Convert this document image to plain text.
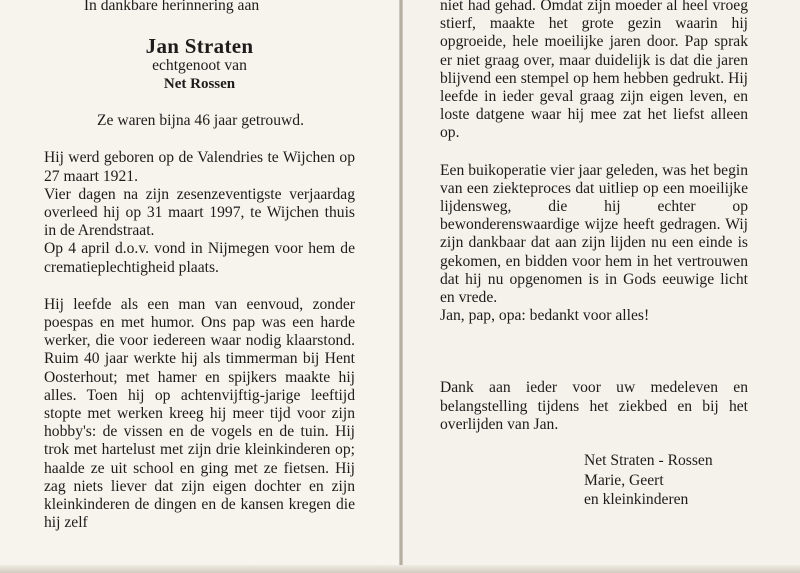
In dankbare herinnering aan
Jan Straten
echtgenoot van
Net Rossen
Ze waren bijna 46 jaar getrouwd.

Hij werd geboren op de Valendries te Wijchen op 27 maart 1921.

Vier dagen na zijn zesenzeventigste verjaardag overleed hij op 31 maart 1997, te Wijchen thuis in de Arendstraat.

Op 4 april d.o.v. vond in Nijmegen voor hem de crematieplechtigheid plaats.

Hij leefde als een man van eenvoud, zonder poespas en met humor. Ons pap was een harde werker, die voor iedereen waar nodig klaarstond. Ruim 40 jaar werkte hij als timmerman bij Hent Oosterhout; met hamer en spijkers maakte hij alles. Toen hij op achtenvijftig-jarige leeftijd stopte met werken kreeg hij meer tijd voor zijn hobby's: de vissen en de vogels en de tuin. Hij trok met hartelust met zijn drie kleinkinderen op; haalde ze uit school en ging met ze fietsen. Hij zag niets liever dat zijn eigen dochter en zijn kleinkinderen de dingen en de kansen kregen die hij zelf

niet had gehad. Omdat zijn moeder al heel vroeg stierf, maakte het grote gezin waarin hij opgroeide, hele moeilijke jaren door. Pap sprak er niet graag over, maar duidelijk is dat die jaren blijvend een stempel op hem hebben gedrukt. Hij leefde in ieder geval graag zijn eigen leven, en loste datgene waar hij mee zat het liefst alleen op.

Een buikoperatie vier jaar geleden, was het begin van een ziekteproces dat uitliep op een moeilijke lijdensweg, die hij echter op bewonderenswaardige wijze heeft gedragen. Wij zijn dankbaar dat aan zijn lijden nu een einde is gekomen, en bidden voor hem in het vertrouwen dat hij nu opgenomen is in Gods eeuwige licht en vrede.

Jan, pap, opa: bedankt voor alles!

Dank aan ieder voor uw medeleven en belangstelling tijdens het ziekbed en bij het overlijden van Jan.

Net Straten - Rossen
Marie, Geert
en kleinkinderen
